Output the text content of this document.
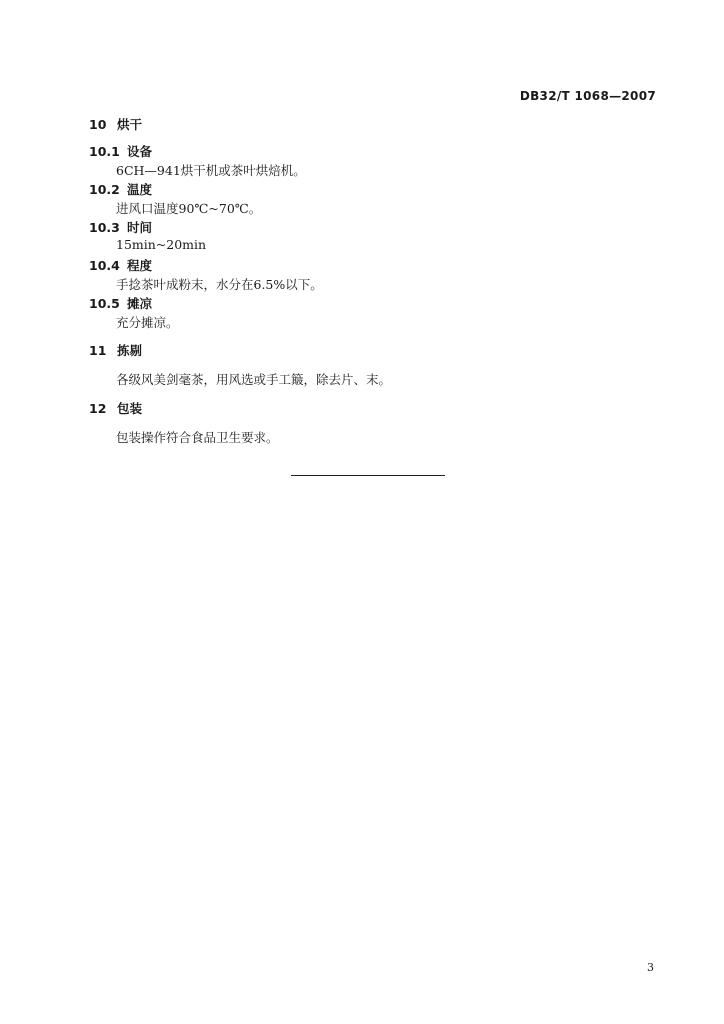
DB32/T 1068—2007
10 烘干
10.1 设备
6CH—941烘干机或茶叶烘焙机。
10.2 温度
进风口温度90℃~70℃。
10.3 时间
15min~20min
10.4 程度
手捻茶叶成粉末，水分在6.5%以下。
10.5 摊凉
充分摊凉。
11 拣剔
各级风美剑毫茶，用风选或手工簸，除去片、末。
12 包装
包装操作符合食品卫生要求。
3
